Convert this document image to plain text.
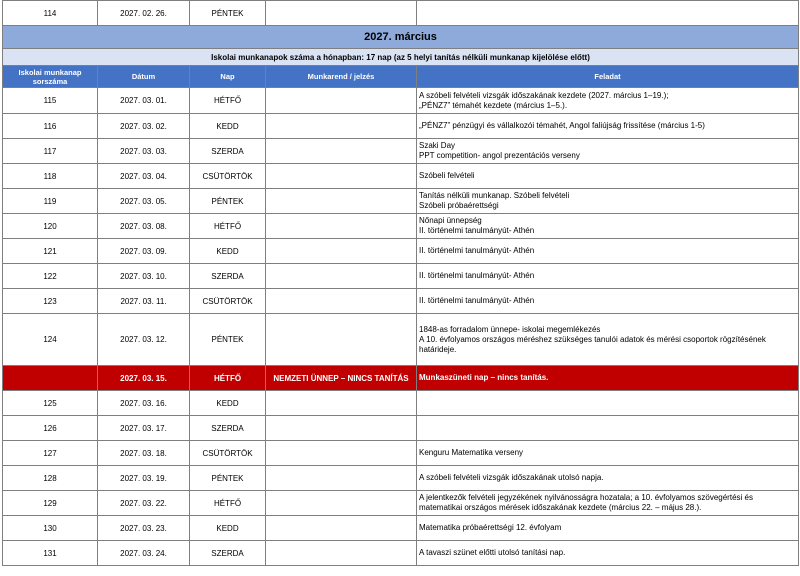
114	2027. 02. 26.	PÉNTEK		
2027. március				
Iskolai munkanapok száma a hónapban: 17 nap (az 5 helyi tanítás nélküli munkanap kijelölése előtt)				
Iskolai munkanap sorszáma	Dátum	Nap	Munkarend / jelzés	Feladat
115	2027. 03. 01.	HÉTFŐ		A szóbeli felvételi vizsgák időszakának kezdete (2027. március 1–19.);
„PÉNZ7” témahét kezdete (március 1–5.).

116	2027. 03. 02.	KEDD		„PÉNZ7” pénzügyi és vállalkozói témahét, Angol faliújság frissítése (március 1-5)

117	2027. 03. 03.	SZERDA		Szaki Day
PPT competition- angol prezentációs verseny

118	2027. 03. 04.	CSÜTÖRTÖK		Szóbeli felvételi

119	2027. 03. 05.	PÉNTEK		Tanítás nélküli munkanap. Szóbeli felvételi
Szóbeli próbaérettségi

120	2027. 03. 08.	HÉTFŐ		Nőnapi ünnepség
II. történelmi tanulmányút- Athén

121	2027. 03. 09.	KEDD		II. történelmi tanulmányút- Athén

122	2027. 03. 10.	SZERDA		II. történelmi tanulmányút- Athén

123	2027. 03. 11.	CSÜTÖRTÖK		II. történelmi tanulmányút- Athén

124	2027. 03. 12.	PÉNTEK		1848-as forradalom ünnepe- iskolai megemlékezés
A 10. évfolyamos országos méréshez szükséges tanulói adatok és mérési csoportok rögzítésének
határideje.

	2027. 03. 15.	HÉTFŐ	NEMZETI ÜNNEP – NINCS TANÍTÁS	Munkaszüneti nap – nincs tanítás.

125	2027. 03. 16.	KEDD		
126	2027. 03. 17.	SZERDA		
127	2027. 03. 18.	CSÜTÖRTÖK		Kenguru Matematika verseny

128	2027. 03. 19.	PÉNTEK		A szóbeli felvételi vizsgák időszakának utolsó napja.

129	2027. 03. 22.	HÉTFŐ		A jelentkezők felvételi jegyzékének nyilvánosságra hozatala; a 10. évfolyamos szövegértési és
matematikai országos mérések időszakának kezdete (március 22. – május 28.).

130	2027. 03. 23.	KEDD		Matematika próbaérettségi 12. évfolyam

131	2027. 03. 24.	SZERDA		A tavaszi szünet előtti utolsó tanítási nap.
